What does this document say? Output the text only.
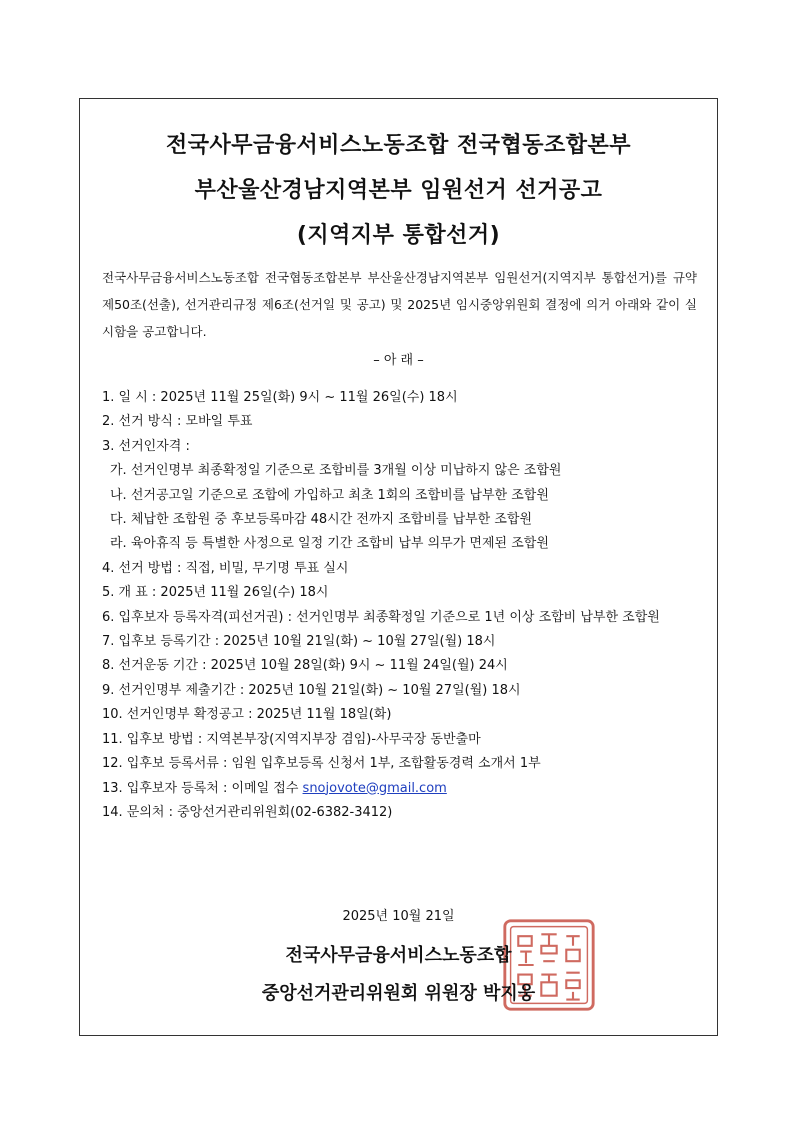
전국사무금융서비스노동조합 전국협동조합본부
부산울산경남지역본부 임원선거 선거공고
(지역지부 통합선거)
전국사무금융서비스노동조합 전국협동조합본부 부산울산경남지역본부 임원선거(지역지부 통합선거)를 규약 제50조(선출), 선거관리규정 제6조(선거일 및 공고) 및 2025년 임시중앙위원회 결정에 의거 아래와 같이 실시함을 공고합니다.
– 아 래 –
1. 일 시 : 2025년 11월 25일(화) 9시 ~ 11월 26일(수) 18시
2. 선거 방식 : 모바일 투표
3. 선거인자격 :
가. 선거인명부 최종확정일 기준으로 조합비를 3개월 이상 미납하지 않은 조합원
나. 선거공고일 기준으로 조합에 가입하고 최초 1회의 조합비를 납부한 조합원
다. 체납한 조합원 중 후보등록마감 48시간 전까지 조합비를 납부한 조합원
라. 육아휴직 등 특별한 사정으로 일정 기간 조합비 납부 의무가 면제된 조합원
4. 선거 방법 : 직접, 비밀, 무기명 투표 실시
5. 개 표 : 2025년 11월 26일(수) 18시
6. 입후보자 등록자격(피선거권) : 선거인명부 최종확정일 기준으로 1년 이상 조합비 납부한 조합원
7. 입후보 등록기간 : 2025년 10월 21일(화) ~ 10월 27일(월) 18시
8. 선거운동 기간 : 2025년 10월 28일(화) 9시 ~ 11월 24일(월) 24시
9. 선거인명부 제출기간 : 2025년 10월 21일(화) ~ 10월 27일(월) 18시
10. 선거인명부 확정공고 : 2025년 11월 18일(화)
11. 입후보 방법 : 지역본부장(지역지부장 겸임)-사무국장 동반출마
12. 입후보 등록서류 : 임원 입후보등록 신청서 1부, 조합활동경력 소개서 1부
13. 입후보자 등록처 : 이메일 접수 snojovote@gmail.com
14. 문의처 : 중앙선거관리위원회(02-6382-3412)
2025년 10월 21일
전국사무금융서비스노동조합
중앙선거관리위원회 위원장 박지웅
